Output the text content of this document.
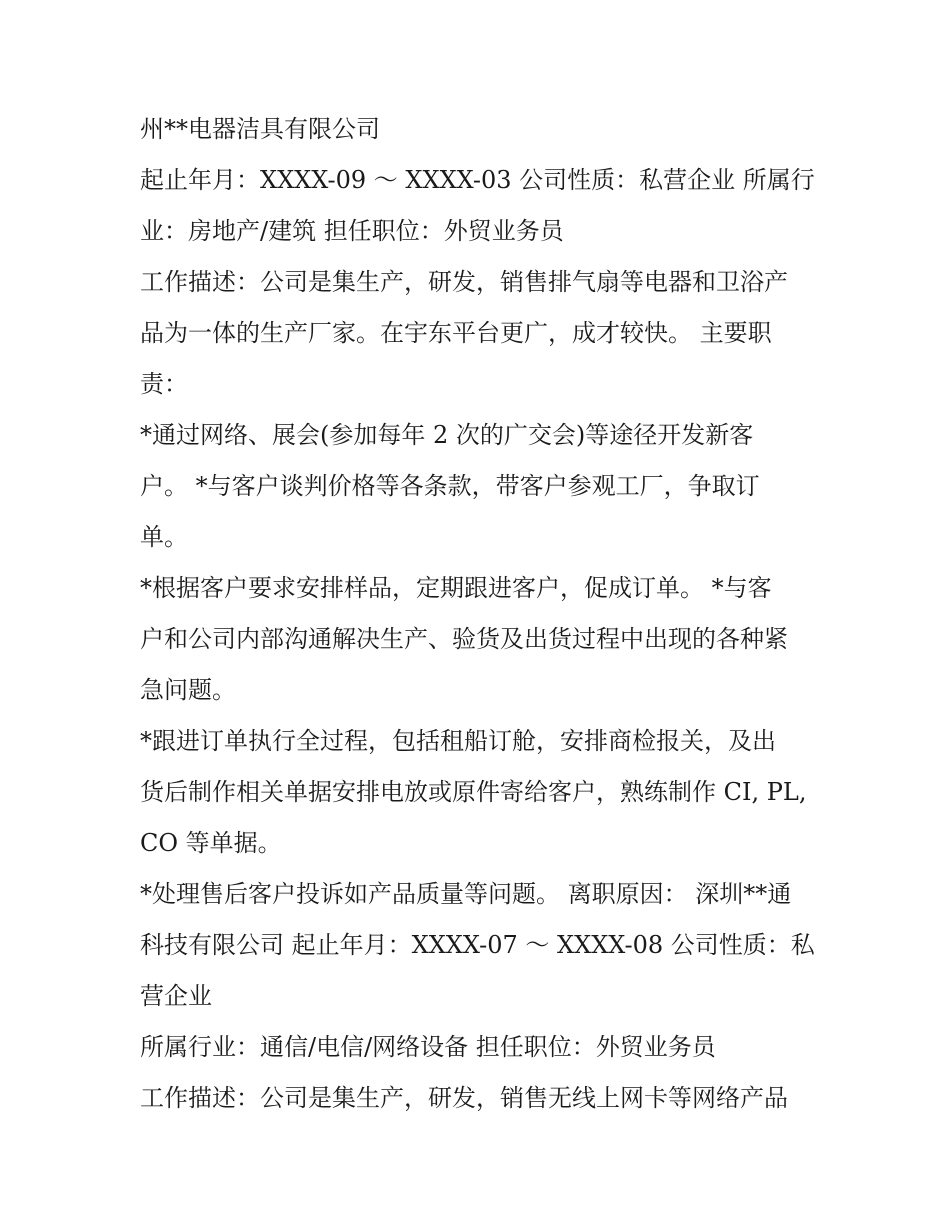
州**电器洁具有限公司
起止年月：XXXX-09 ～ XXXX-03 公司性质：私营企业 所属行
业：房地产/建筑 担任职位：外贸业务员
工作描述：公司是集生产，研发，销售排气扇等电器和卫浴产
品为一体的生产厂家。在宇东平台更广，成才较快。 主要职
责：
*通过网络、展会(参加每年 2 次的广交会)等途径开发新客
户。 *与客户谈判价格等各条款，带客户参观工厂，争取订
单。
*根据客户要求安排样品，定期跟进客户，促成订单。 *与客
户和公司内部沟通解决生产、验货及出货过程中出现的各种紧
急问题。
*跟进订单执行全过程，包括租船订舱，安排商检报关，及出
货后制作相关单据安排电放或原件寄给客户，熟练制作 CI, PL,
CO 等单据。
*处理售后客户投诉如产品质量等问题。 离职原因： 深圳**通
科技有限公司 起止年月：XXXX-07 ～ XXXX-08 公司性质：私
营企业
所属行业：通信/电信/网络设备 担任职位：外贸业务员
工作描述：公司是集生产，研发，销售无线上网卡等网络产品
